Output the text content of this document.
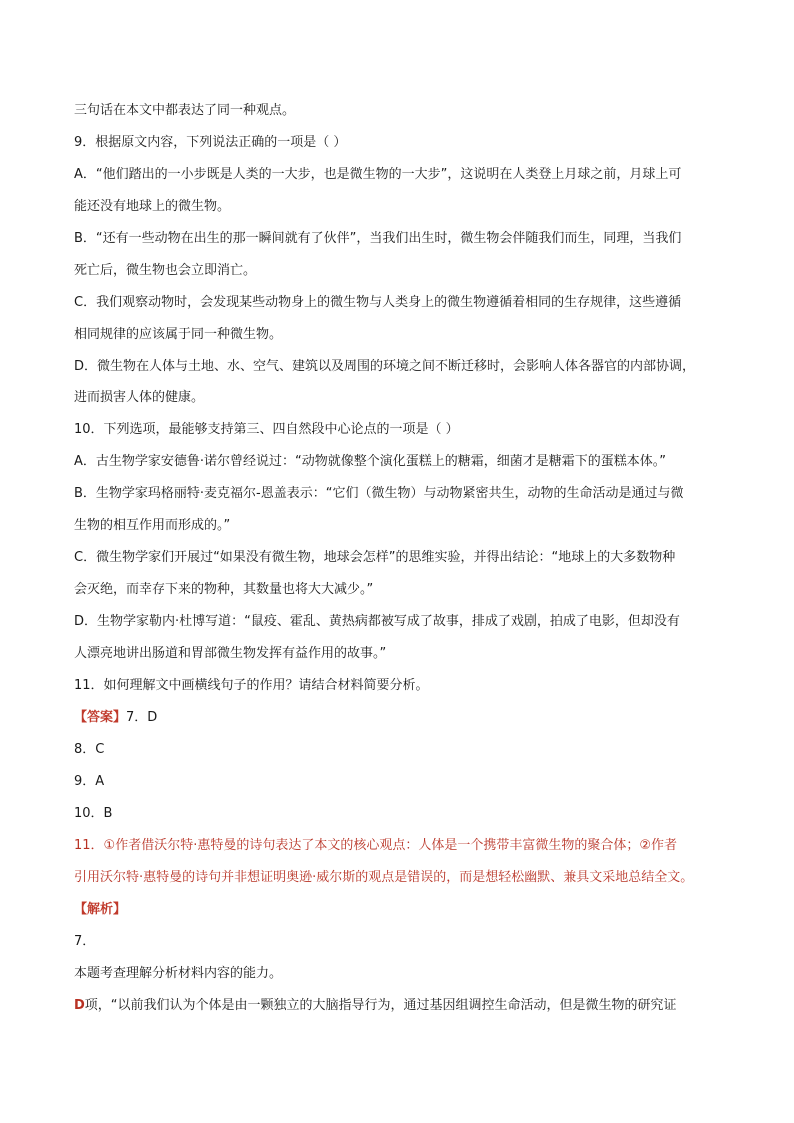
三句话在本文中都表达了同一种观点。
9．根据原文内容，下列说法正确的一项是（ ）
A．“他们踏出的一小步既是人类的一大步，也是微生物的一大步”，这说明在人类登上月球之前，月球上可
能还没有地球上的微生物。
B．“还有一些动物在出生的那一瞬间就有了伙伴”，当我们出生时，微生物会伴随我们而生，同理，当我们
死亡后，微生物也会立即消亡。
C．我们观察动物时，会发现某些动物身上的微生物与人类身上的微生物遵循着相同的生存规律，这些遵循
相同规律的应该属于同一种微生物。
D．微生物在人体与土地、水、空气、建筑以及周围的环境之间不断迁移时，会影响人体各器官的内部协调，
进而损害人体的健康。
10．下列选项，最能够支持第三、四自然段中心论点的一项是（ ）
A．古生物学家安德鲁·诺尔曾经说过：“动物就像整个演化蛋糕上的糖霜，细菌才是糖霜下的蛋糕本体。”
B．生物学家玛格丽特·麦克福尔-恩盖表示：“它们（微生物）与动物紧密共生，动物的生命活动是通过与微
生物的相互作用而形成的。”
C．微生物学家们开展过“如果没有微生物，地球会怎样”的思维实验，并得出结论：“地球上的大多数物种
会灭绝，而幸存下来的物种，其数量也将大大减少。”
D．生物学家勒内·杜博写道：“鼠疫、霍乱、黄热病都被写成了故事，排成了戏剧，拍成了电影，但却没有
人漂亮地讲出肠道和胃部微生物发挥有益作用的故事。”
11．如何理解文中画横线句子的作用？请结合材料简要分析。
【答案】7．D
8．C
9．A
10．B
11．①作者借沃尔特·惠特曼的诗句表达了本文的核心观点：人体是一个携带丰富微生物的聚合体；②作者
引用沃尔特·惠特曼的诗句并非想证明奥逊·威尔斯的观点是错误的，而是想轻松幽默、兼具文采地总结全文。
【解析】
7．
本题考查理解分析材料内容的能力。
D项，“以前我们认为个体是由一颗独立的大脑指导行为，通过基因组调控生命活动，但是微生物的研究证
